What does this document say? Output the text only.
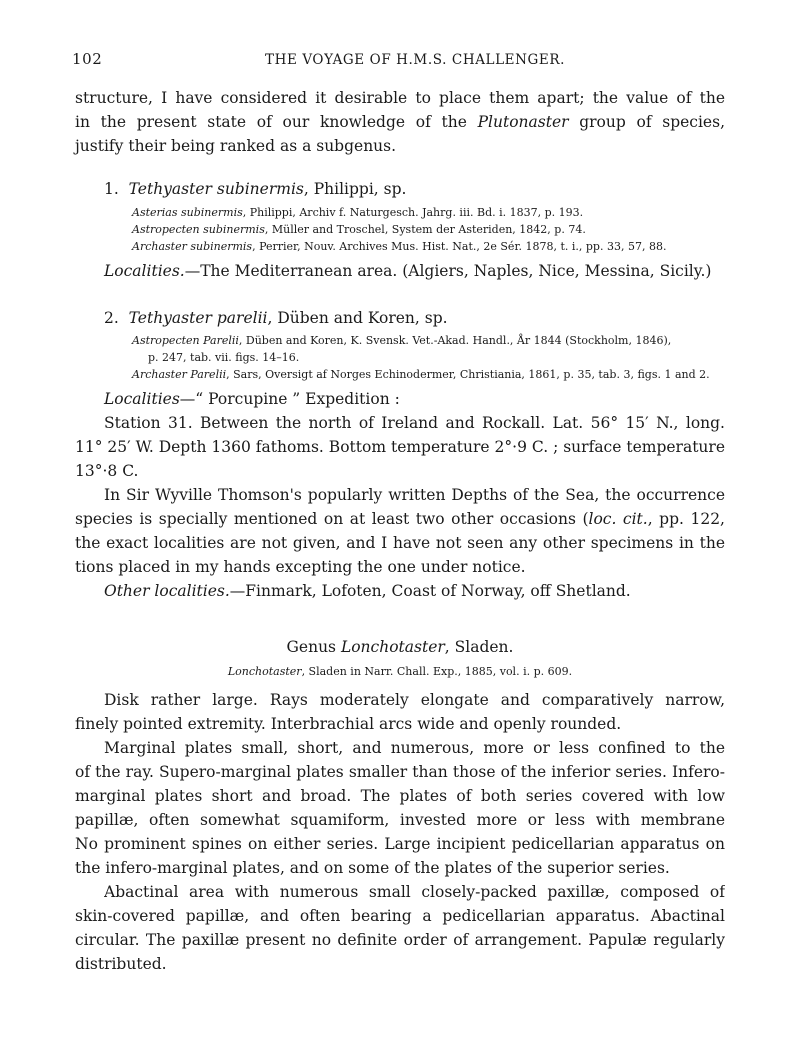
102	THE VOYAGE OF H.M.S. CHALLENGER.
structure, I have considered it desirable to place them apart; the value of the
in the present state of our knowledge of the Plutonaster group of species,
justify their being ranked as a subgenus.
1. Tethyaster subinermis, Philippi, sp.
Asterias subinermis, Philippi, Archiv f. Naturgesch. Jahrg. iii. Bd. i. 1837, p. 193.
Astropecten subinermis, Müller and Troschel, System der Asteriden, 1842, p. 74.
Archaster subinermis, Perrier, Nouv. Archives Mus. Hist. Nat., 2e Sér. 1878, t. i., pp. 33, 57, 88.
Localities.—The Mediterranean area. (Algiers, Naples, Nice, Messina, Sicily.)
2. Tethyaster parelii, Düben and Koren, sp.
Astropecten Parelii, Düben and Koren, K. Svensk. Vet.-Akad. Handl., År 1844 (Stockholm, 1846),
p. 247, tab. vii. figs. 14–16.
Archaster Parelii, Sars, Oversigt af Norges Echinodermer, Christiania, 1861, p. 35, tab. 3, figs. 1 and 2.
Localities—“ Porcupine ” Expedition :
Station 31. Between the north of Ireland and Rockall. Lat. 56° 15′ N., long.
11° 25′ W. Depth 1360 fathoms. Bottom temperature 2°·9 C. ; surface temperature
13°·8 C.
In Sir Wyville Thomson's popularly written Depths of the Sea, the occurrence
species is specially mentioned on at least two other occasions (loc. cit., pp. 122,
the exact localities are not given, and I have not seen any other specimens in the
tions placed in my hands excepting the one under notice.
Other localities.—Finmark, Lofoten, Coast of Norway, off Shetland.
Genus Lonchotaster, Sladen.
Lonchotaster, Sladen in Narr. Chall. Exp., 1885, vol. i. p. 609.
Disk rather large. Rays moderately elongate and comparatively narrow,
finely pointed extremity. Interbrachial arcs wide and openly rounded.
Marginal plates small, short, and numerous, more or less confined to the
of the ray. Supero-marginal plates smaller than those of the inferior series. Infero-
marginal plates short and broad. The plates of both series covered with low
papillæ, often somewhat squamiform, invested more or less with membrane
No prominent spines on either series. Large incipient pedicellarian apparatus on
the infero-marginal plates, and on some of the plates of the superior series.
Abactinal area with numerous small closely-packed paxillæ, composed of
skin-covered papillæ, and often bearing a pedicellarian apparatus. Abactinal
circular. The paxillæ present no definite order of arrangement. Papulæ regularly
distributed.
